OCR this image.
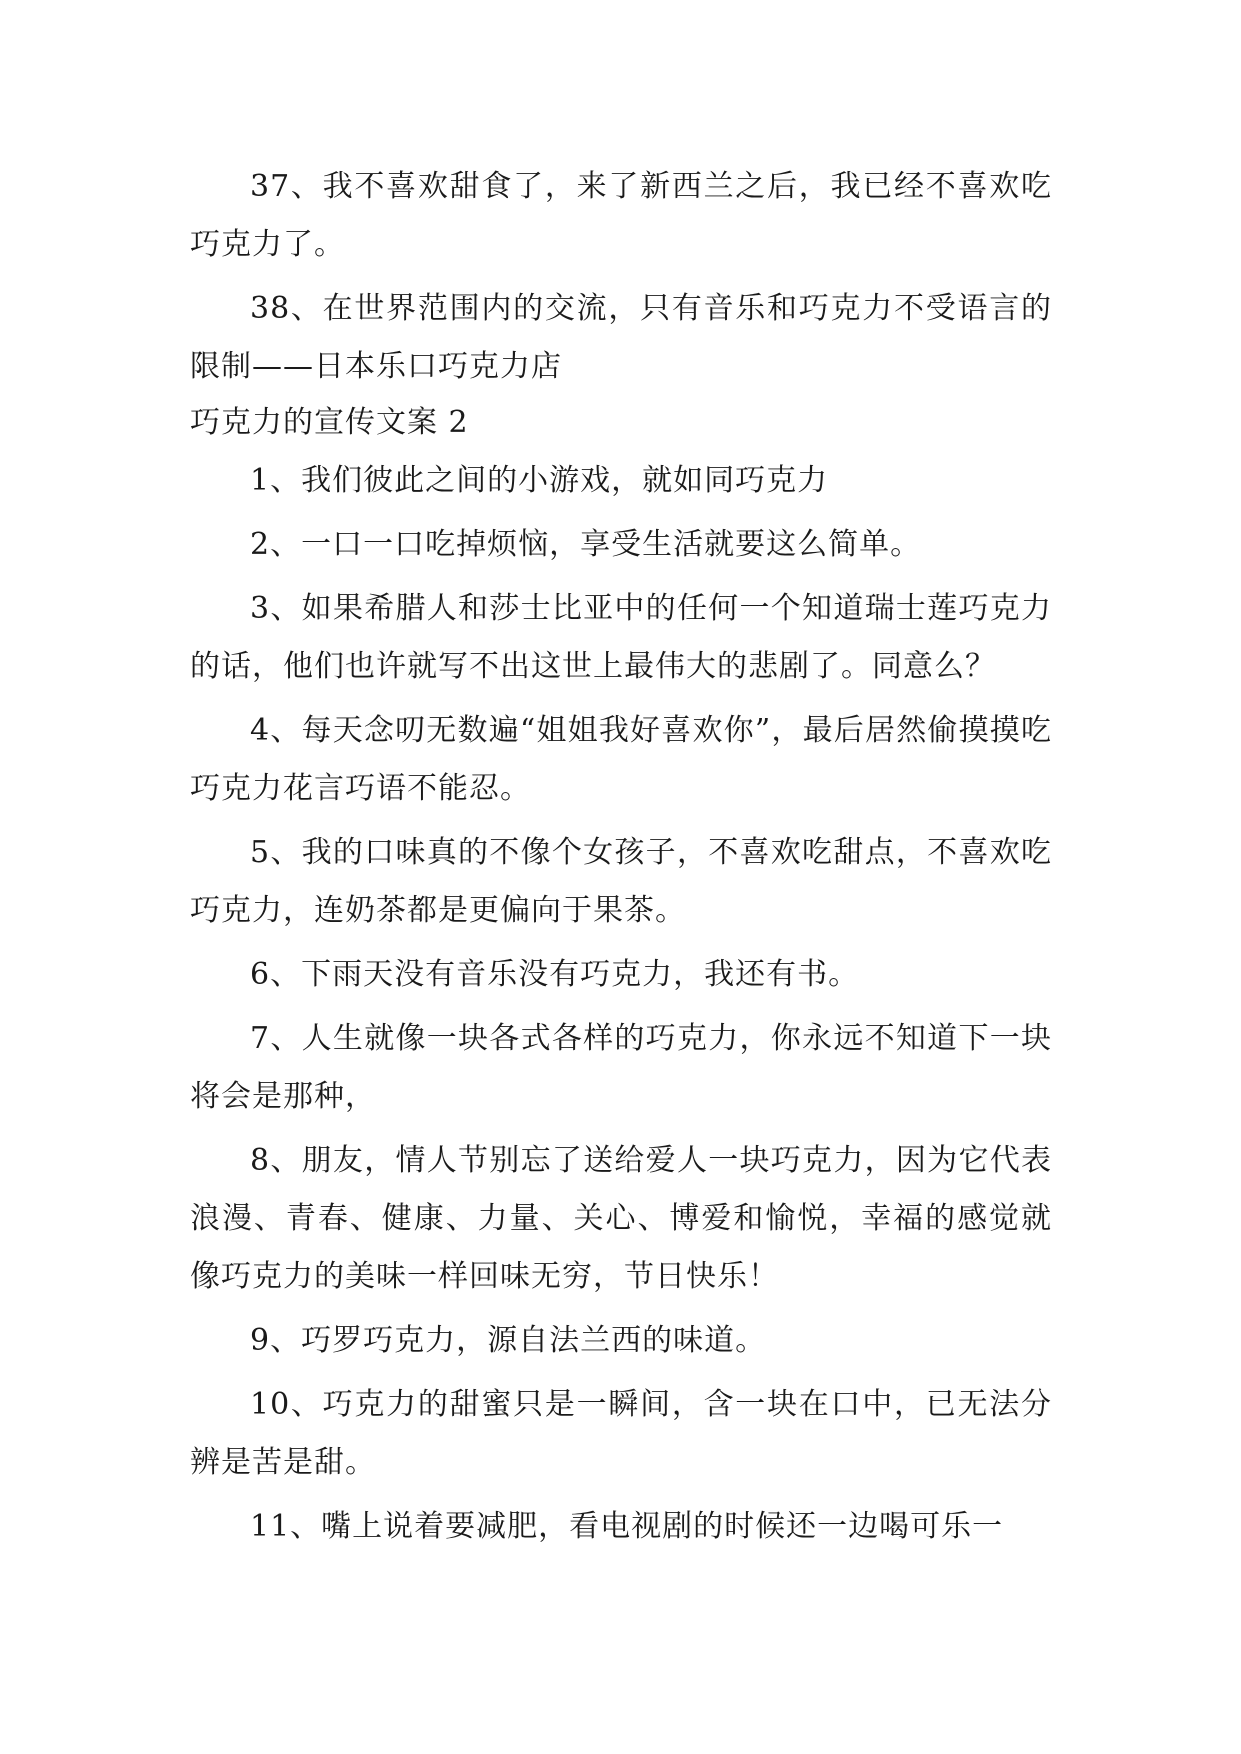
37、我不喜欢甜食了，来了新西兰之后，我已经不喜欢吃巧克力了。

38、在世界范围内的交流，只有音乐和巧克力不受语言的限制——日本乐口巧克力店

巧克力的宣传文案 2

1、我们彼此之间的小游戏，就如同巧克力

2、一口一口吃掉烦恼，享受生活就要这么简单。

3、如果希腊人和莎士比亚中的任何一个知道瑞士莲巧克力的话，他们也许就写不出这世上最伟大的悲剧了。同意么？

4、每天念叨无数遍“姐姐我好喜欢你”，最后居然偷摸摸吃巧克力花言巧语不能忍。

5、我的口味真的不像个女孩子，不喜欢吃甜点，不喜欢吃巧克力，连奶茶都是更偏向于果茶。

6、下雨天没有音乐没有巧克力，我还有书。

7、人生就像一块各式各样的巧克力，你永远不知道下一块将会是那种，

8、朋友，情人节别忘了送给爱人一块巧克力，因为它代表浪漫、青春、健康、力量、关心、博爱和愉悦，幸福的感觉就像巧克力的美味一样回味无穷，节日快乐！

9、巧罗巧克力，源自法兰西的味道。

10、巧克力的甜蜜只是一瞬间，含一块在口中，已无法分辨是苦是甜。

11、嘴上说着要减肥，看电视剧的时候还一边喝可乐一
